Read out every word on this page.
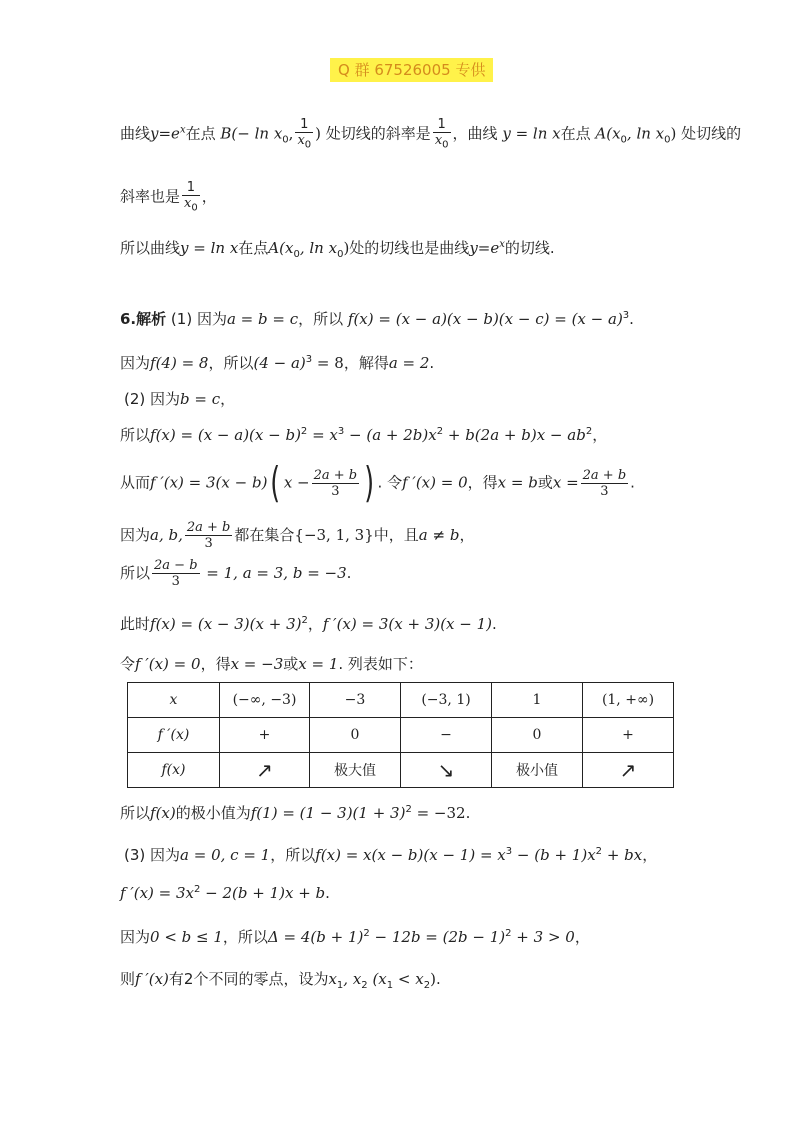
Q 群 67526005 专供
曲线$y=e^x$在点 $B(- \ln x_0$, $\frac{1}{x_0}$ ) 处切线的斜率是 $\frac{1}{x_0}$ ，曲线 y = ln x在点 $A(x_0$, $\ln x_0$) 处切线的
斜率也是 $\frac{1}{x_0}$ ，
所以曲线y = ln x在点$A(x_0$, $\ln x_0$)处的切线也是曲线$y=e^x$的切线.
6.解析 (1) 因为a = b = c，所以 $f(x) = (x - a)(x - b)(x - c) = (x - a)^3$.
因为f(4) = 8，所以$(4 - a)^3 = 8$，解得a = 2.
(2) 因为b = c，
所以$f(x) = (x - a)(x - b)^2 = x^3 - (a + 2b)x^2 + b(2a + b)x - ab^2$，
从而f ′(x) = 3(x − b)( $x - \frac{2a + b}{3}$ ) . 令f ′(x) = 0，得x = b或$x = \frac{2a + b}{3}$ .
因为a, b, $\frac{2a + b}{3}$ 都在集合{−3, 1, 3}中，且a ≠ b，
所以 $\frac{2a - b}{3} = 1$, a = 3, b = −3.
此时$f(x) = (x - 3)(x + 3)^2$，f ′(x) = 3(x + 3)(x − 1).
令f ′(x) = 0，得x = −3或x = 1. 列表如下：
x	(−∞, −3)	−3	(−3, 1)	1	(1, +∞)
f ′(x)	+	0	−	0	+
f(x)	↗	极大值	↘	极小值	↗
所以f(x)的极小值为$f(1) = (1 - 3)(1 + 3)^2 = -32$.
(3) 因为a = 0, c = 1，所以$f(x) = x(x - b)(x - 1) = x^3 - (b + 1)x^2$ + bx，
f $'(x) = 3x^2 - 2(b + 1)x + b$.
因为0 < b ≤ 1，所以$\Delta = 4(b + 1)^2 - 12b = (2b - 1)^2 + 3 > 0$，
则f ′(x)有2个不同的零点，设为$x_1$, $x_2$ $(x_1 < x_2)$.
